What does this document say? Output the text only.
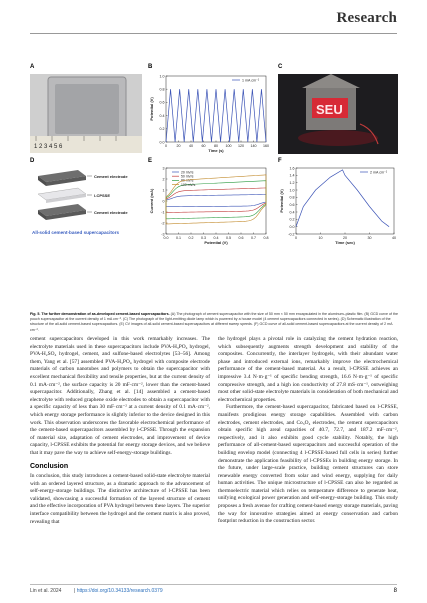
Research
A
1 2 3 4 5 6
B
0	20 40 60 80 100 120 140 160
0.0
0.2
0.4
0.6
0.8
1.0
Time (s)
Potential (V)
1 mA cm⁻²
C
SEU
D
Cement electrode
l-CPSSE
Cement electrode
All-solid cement-based supercapacitors
E
0.0 0.1 0.2 0.3 0.4 0.5 0.6 0.7 0.8
-3
-2
-1
0
1
2
3
Potential (V)
Current (mA)
20 mV/s
50 mV/s
80 mV/s
100 mV/s
F
0	10	20	30	40
-0.2
0.0
0.2
0.4
0.6
0.8
1.0
1.2
1.4
1.6
Time (sec)
Potential (V)
2 mA cm⁻²
Fig. 5. The further demonstration of as-developed cement-based supercapacitors. (A) The photograph of cement supercapacitor with the size of 50 mm × 50 mm encapsulated in the aluminum–plastic film. (B) GCD curve of the pouch supercapacitor at the current density of 1 mA cm⁻². (C) The photograph of the light-emitting diode lamp which is powered by a house model (4 cement supercapacitors connected in series). (D) Schematic illustration of the structure of the all-solid cement-based supercapacitors. (E) CV images of all-solid cement-based supercapacitors at different sweep speeds. (F) GCD curve of all-solid cement-based supercapacitors at the current density of 2 mA cm⁻².

cement supercapacitors developed in this work remarkably increases. The electrolyte materials used in these supercapacitors include PVA-H₃PO₄ hydrogel, PVA-H₂SO₄ hydrogel, cement, and sulfone-based electrolytes [53–56]. Among them, Yang et al. [57] assembled PVA-H₃PO₄ hydrogel with composite electrode materials of carbon nanotubes and polymers to obtain the supercapacitor with excellent mechanical flexibility and tensile properties, but at the current density of 0.1 mA·cm⁻², the surface capacity is 20 mF·cm⁻², lower than the cement-based supercapacitor. Additionally, Zhang et al. [14] assembled a cement-based electrolyte with reduced graphene oxide electrodes to obtain a supercapacitor with a specific capacity of less than 30 mF·cm⁻² at a current density of 0.1 mA·cm⁻², which energy storage performance is slightly inferior to the device designed in this work. This observation underscores the favorable electrochemical performance of the cement-based supercapacitors assembled by l-CPSSE. Through the expansion of material size, adaptation of cement electrodes, and improvement of device capacity, l-CPSSE exhibits the potential for energy storage devices, and we believe that it may pave the way to achieve self-energy-storage buildings.

Conclusion

In conclusion, this study introduces a cement-based solid-state electrolyte material with an ordered layered structure, as a dramatic approach to the advancement of self-energy-storage buildings. The distinctive architecture of l-CPSSE has been validated, showcasing a successful formation of the layered structure of cement and the effective incorporation of PVA hydrogel between these layers. The superior interface compatibility between the hydrogel and the cement matrix is also proved, revealing that

the hydrogel plays a pivotal role in catalyzing the cement hydration reaction, which subsequently augments strength development and stability of the composites. Concurrently, the interlayer hydrogels, with their abundant water phase and introduced external ions, remarkably improve the electrochemical performance of the cement-based material. As a result, l-CPSSE achieves an impressive 3.4 N·m·g⁻¹ of specific bending strength, 16.6 N·m·g⁻¹ of specific compressive strength, and a high ion conductivity of 27.8 mS·cm⁻¹, outweighing most other solid-state electrolyte materials in consideration of both mechanical and electrochemical properties.

Furthermore, the cement-based supercapacitor, fabricated based on l-CPSSE, manifests prodigious energy storage capabilities. Assembled with carbon electrodes, cement electrodes, and Co₃O₄ electrodes, the cement supercapacitors obtain specific high areal capacities of 40.7, 72.7, and 187.2 mF·cm⁻², respectively, and it also exhibits good cycle stability. Notably, the high performance of all-cement-based supercapacitors and successful operation of the building envelop model (connecting 4 l-CPSSE-based full cells in series) further demonstrate the application feasibility of l-CPSSEs in building energy storage. In the future, under large-scale practice, building cement structures can store renewable energy converted from solar and wind energy, supplying for daily human activities. The unique microstructure of l-CPSSE can also be regarded as thermoelectric material which relies on temperature difference to generate heat, unifying ecological power generation and self-energy-storage building. This study proposes a fresh avenue for crafting cement-based energy storage materials, paving the way for innovative strategies aimed at energy conservation and carbon footprint reduction in the construction sector.

Lin et al. 2024	| https://doi.org/10.34133/research.0379	8
